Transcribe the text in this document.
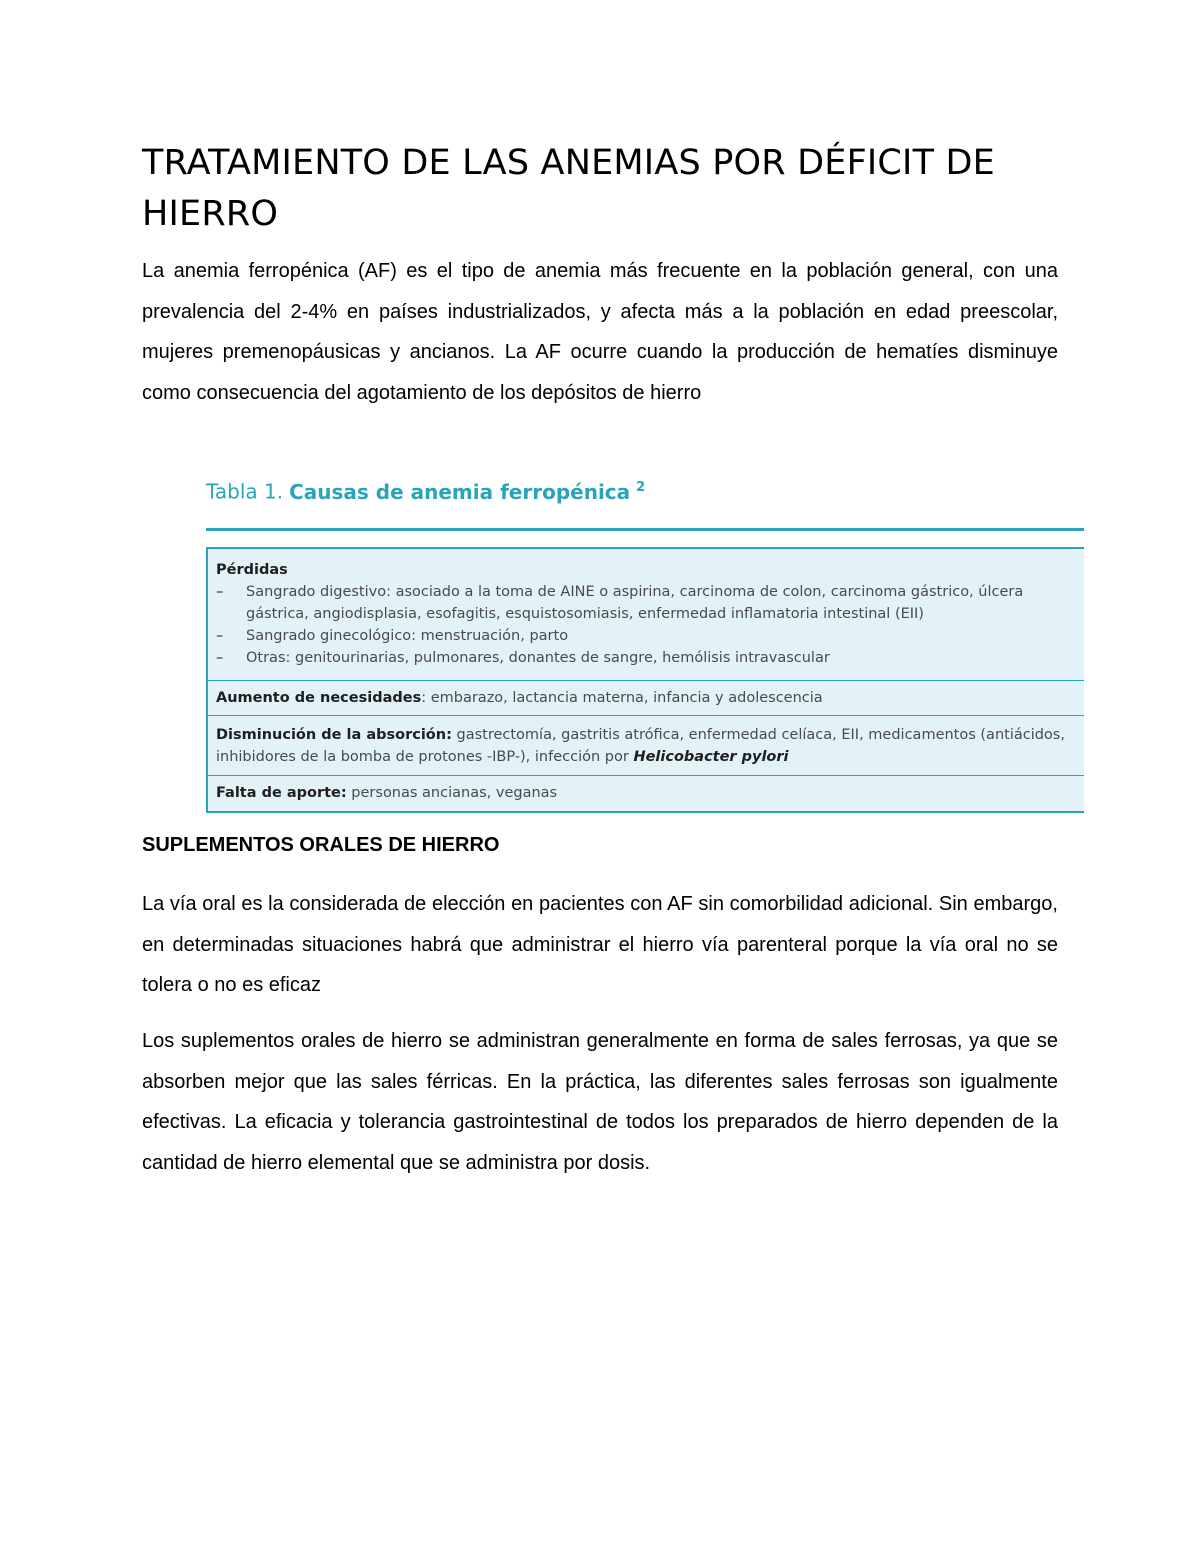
TRATAMIENTO DE LAS ANEMIAS POR DÉFICIT DE HIERRO

La anemia ferropénica (AF) es el tipo de anemia más frecuente en la población general, con una prevalencia del 2-4% en países industrializados, y afecta más a la población en edad preescolar, mujeres premenopáusicas y ancianos. La AF ocurre cuando la producción de hematíes disminuye como consecuencia del agotamiento de los depósitos de hierro

SUPLEMENTOS ORALES DE HIERRO

La vía oral es la considerada de elección en pacientes con AF sin comorbilidad adicional. Sin embargo, en determinadas situaciones habrá que administrar el hierro vía parenteral porque la vía oral no se tolera o no es eficaz

Los suplementos orales de hierro se administran generalmente en forma de sales ferrosas, ya que se absorben mejor que las sales férricas. En la práctica, las diferentes sales ferrosas son igualmente efectivas. La eficacia y tolerancia gastrointestinal de todos los preparados de hierro dependen de la cantidad de hierro elemental que se administra por dosis.

Tabla 1. Causas de anemia ferropénica $^2$
Pérdidas
–	Sangrado digestivo: asociado a la toma de AINE o aspirina, carcinoma de colon, carcinoma gástrico, úlcera gástrica, angiodisplasia, esofagitis, esquistosomiasis, enfermedad inflamatoria intestinal (EII)
–	Sangrado ginecológico: menstruación, parto
–	Otras: genitourinarias, pulmonares, donantes de sangre, hemólisis intravascular
Aumento de necesidades: embarazo, lactancia materna, infancia y adolescencia
Disminución de la absorción: gastrectomía, gastritis atrófica, enfermedad celíaca, EII, medicamentos (antiácidos, inhibidores de la bomba de protones -IBP-), infección por Helicobacter pylori
Falta de aporte: personas ancianas, veganas
